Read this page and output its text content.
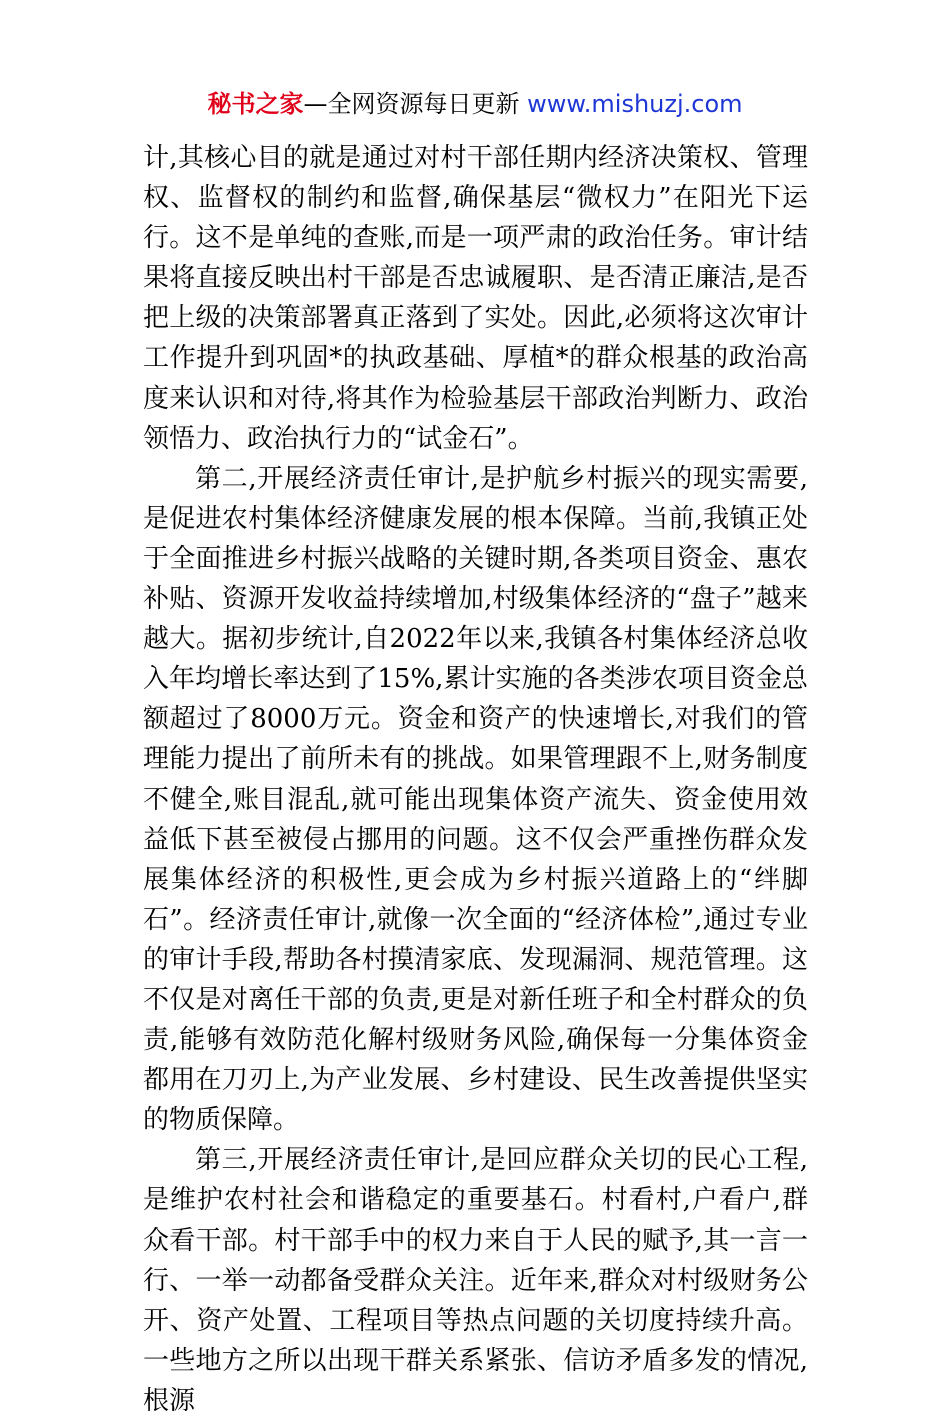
秘书之家—全网资源每日更新 www.mishuzj.com

计,其核心目的就是通过对村干部任期内经济决策权、管理权、监督权的制约和监督,确保基层“微权力”在阳光下运行。这不是单纯的查账,而是一项严肃的政治任务。审计结果将直接反映出村干部是否忠诚履职、是否清正廉洁,是否把上级的决策部署真正落到了实处。因此,必须将这次审计工作提升到巩固*的执政基础、厚植*的群众根基的政治高度来认识和对待,将其作为检验基层干部政治判断力、政治领悟力、政治执行力的“试金石”。

第二,开展经济责任审计,是护航乡村振兴的现实需要,是促进农村集体经济健康发展的根本保障。当前,我镇正处于全面推进乡村振兴战略的关键时期,各类项目资金、惠农补贴、资源开发收益持续增加,村级集体经济的“盘子”越来越大。据初步统计,自2022年以来,我镇各村集体经济总收入年均增长率达到了15%,累计实施的各类涉农项目资金总额超过了8000万元。资金和资产的快速增长,对我们的管理能力提出了前所未有的挑战。如果管理跟不上,财务制度不健全,账目混乱,就可能出现集体资产流失、资金使用效益低下甚至被侵占挪用的问题。这不仅会严重挫伤群众发展集体经济的积极性,更会成为乡村振兴道路上的“绊脚石”。经济责任审计,就像一次全面的“经济体检”,通过专业的审计手段,帮助各村摸清家底、发现漏洞、规范管理。这不仅是对离任干部的负责,更是对新任班子和全村群众的负责,能够有效防范化解村级财务风险,确保每一分集体资金都用在刀刃上,为产业发展、乡村建设、民生改善提供坚实的物质保障。

第三,开展经济责任审计,是回应群众关切的民心工程,是维护农村社会和谐稳定的重要基石。村看村,户看户,群众看干部。村干部手中的权力来自于人民的赋予,其一言一行、一举一动都备受群众关注。近年来,群众对村级财务公开、资产处置、工程项目等热点问题的关切度持续升高。一些地方之所以出现干群关系紧张、信访矛盾多发的情况,根源
